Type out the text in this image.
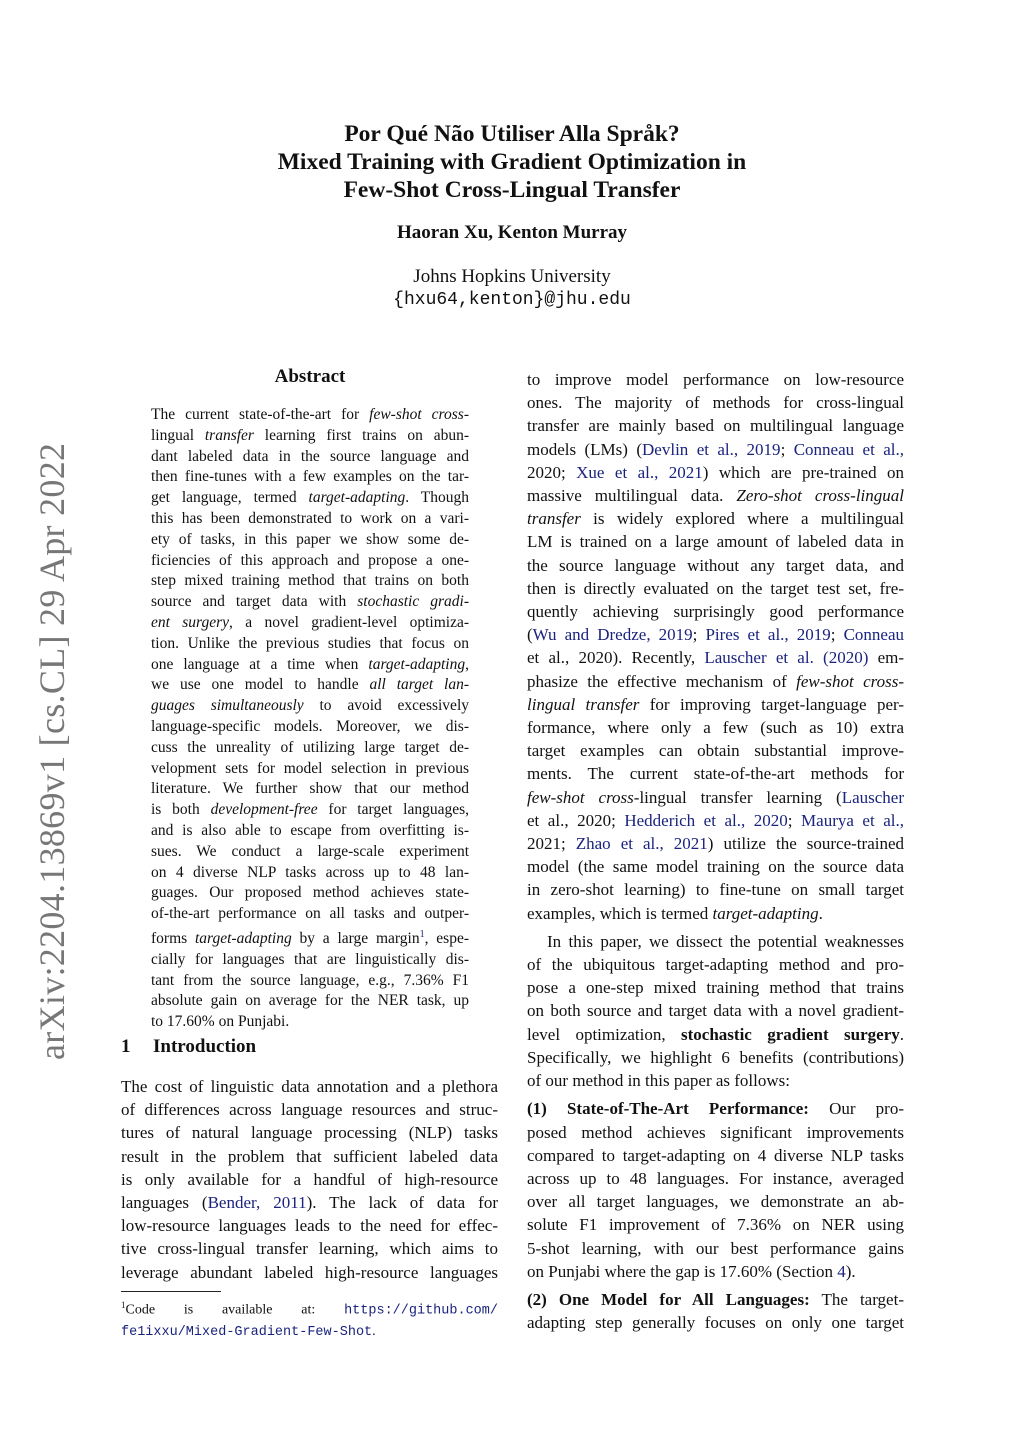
Por Qué Não Utiliser Alla Språk?
Mixed Training with Gradient Optimization in
Few-Shot Cross-Lingual Transfer
Haoran Xu, Kenton Murray
Johns Hopkins University
{hxu64,kenton}@jhu.edu
arXiv:2204.13869v1 [cs.CL] 29 Apr 2022
Abstract
The current state-of-the-art for few-shot cross-
lingual transfer learning first trains on abun-
dant labeled data in the source language and
then fine-tunes with a few examples on the tar-
get language, termed target-adapting. Though
this has been demonstrated to work on a vari-
ety of tasks, in this paper we show some de-
ficiencies of this approach and propose a one-
step mixed training method that trains on both
source and target data with stochastic gradi-
ent surgery, a novel gradient-level optimiza-
tion. Unlike the previous studies that focus on
one language at a time when target-adapting,
we use one model to handle all target lan-
guages simultaneously to avoid excessively
language-specific models. Moreover, we dis-
cuss the unreality of utilizing large target de-
velopment sets for model selection in previous
literature. We further show that our method
is both development-free for target languages,
and is also able to escape from overfitting is-
sues. We conduct a large-scale experiment
on 4 diverse NLP tasks across up to 48 lan-
guages. Our proposed method achieves state-
of-the-art performance on all tasks and outper-
forms target-adapting by a large margin$^1$, espe-
cially for languages that are linguistically dis-
tant from the source language, e.g., 7.36% F1
absolute gain on average for the NER task, up
to 17.60% on Punjabi.
1 Introduction
The cost of linguistic data annotation and a plethora
of differences across language resources and struc-
tures of natural language processing (NLP) tasks
result in the problem that sufficient labeled data
is only available for a handful of high-resource
languages (Bender, 2011). The lack of data for
low-resource languages leads to the need for effec-
tive cross-lingual transfer learning, which aims to
leverage abundant labeled high-resource languages
$^1$Code is available at: https://github.com/
fe1ixxu/Mixed-Gradient-Few-Shot.
to improve model performance on low-resource
ones. The majority of methods for cross-lingual
transfer are mainly based on multilingual language
models (LMs) (Devlin et al., 2019; Conneau et al.,
2020; Xue et al., 2021) which are pre-trained on
massive multilingual data. Zero-shot cross-lingual
transfer is widely explored where a multilingual
LM is trained on a large amount of labeled data in
the source language without any target data, and
then is directly evaluated on the target test set, fre-
quently achieving surprisingly good performance
(Wu and Dredze, 2019; Pires et al., 2019; Conneau
et al., 2020). Recently, Lauscher et al. (2020) em-
phasize the effective mechanism of few-shot cross-
lingual transfer for improving target-language per-
formance, where only a few (such as 10) extra
target examples can obtain substantial improve-
ments. The current state-of-the-art methods for
few-shot cross-lingual transfer learning (Lauscher
et al., 2020; Hedderich et al., 2020; Maurya et al.,
2021; Zhao et al., 2021) utilize the source-trained
model (the same model training on the source data
in zero-shot learning) to fine-tune on small target
examples, which is termed target-adapting.
In this paper, we dissect the potential weaknesses
of the ubiquitous target-adapting method and pro-
pose a one-step mixed training method that trains
on both source and target data with a novel gradient-
level optimization, stochastic gradient surgery.
Specifically, we highlight 6 benefits (contributions)
of our method in this paper as follows:
(1) State-of-The-Art Performance: Our pro-
posed method achieves significant improvements
compared to target-adapting on 4 diverse NLP tasks
across up to 48 languages. For instance, averaged
over all target languages, we demonstrate an ab-
solute F1 improvement of 7.36% on NER using
5-shot learning, with our best performance gains
on Punjabi where the gap is 17.60% (Section 4).
(2) One Model for All Languages: The target-
adapting step generally focuses on only one target
